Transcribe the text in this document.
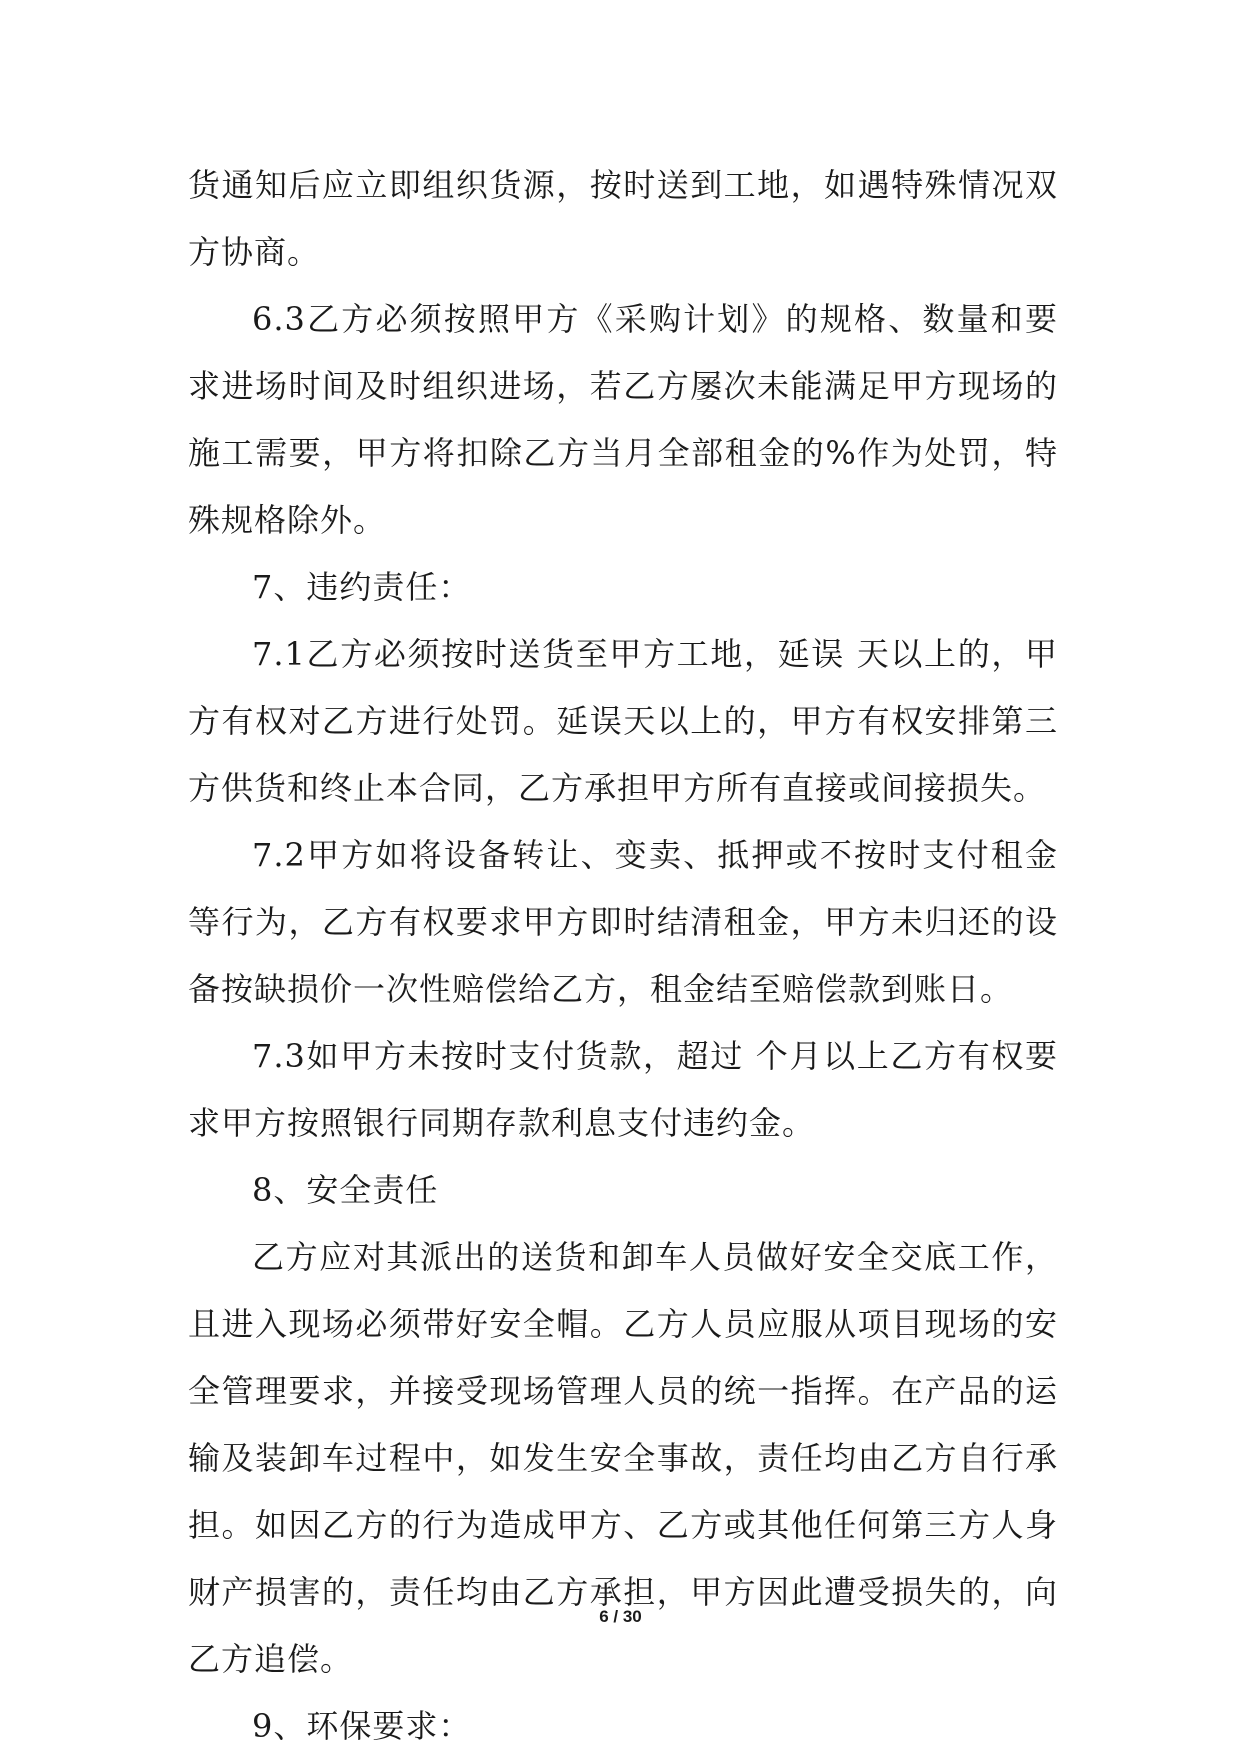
货通知后应立即组织货源，按时送到工地，如遇特殊情况双方协商。

6.3乙方必须按照甲方《采购计划》的规格、数量和要求进场时间及时组织进场，若乙方屡次未能满足甲方现场的施工需要，甲方将扣除乙方当月全部租金的%作为处罚，特殊规格除外。

7、违约责任：

7.1乙方必须按时送货至甲方工地，延误 天以上的，甲方有权对乙方进行处罚。延误天以上的，甲方有权安排第三方供货和终止本合同，乙方承担甲方所有直接或间接损失。

7.2甲方如将设备转让、变卖、抵押或不按时支付租金等行为，乙方有权要求甲方即时结清租金，甲方未归还的设备按缺损价一次性赔偿给乙方，租金结至赔偿款到账日。

7.3如甲方未按时支付货款，超过 个月以上乙方有权要求甲方按照银行同期存款利息支付违约金。

8、安全责任

乙方应对其派出的送货和卸车人员做好安全交底工作，且进入现场必须带好安全帽。乙方人员应服从项目现场的安全管理要求，并接受现场管理人员的统一指挥。在产品的运输及装卸车过程中，如发生安全事故，责任均由乙方自行承担。如因乙方的行为造成甲方、乙方或其他任何第三方人身财产损害的，责任均由乙方承担，甲方因此遭受损失的，向乙方追偿。

9、环保要求：

6 / 30
